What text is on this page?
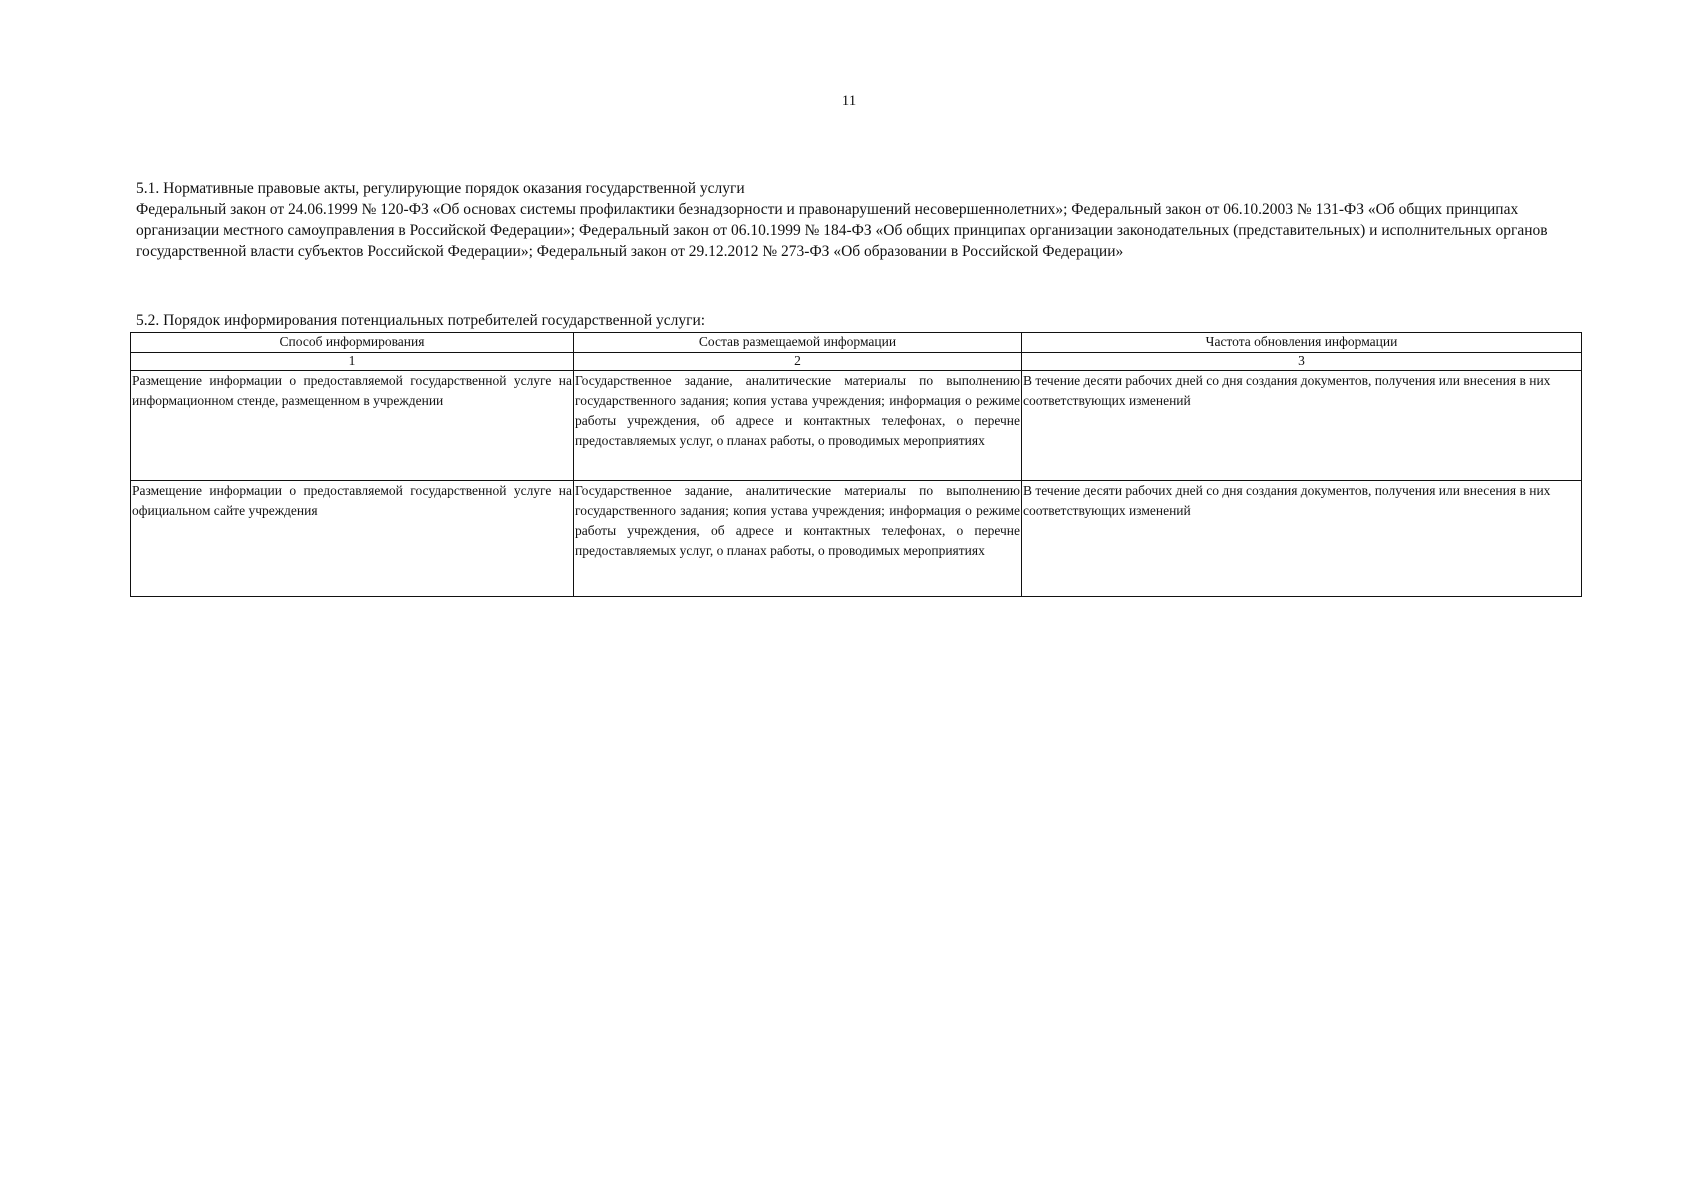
11
5.1. Нормативные правовые акты, регулирующие порядок оказания государственной услуги
Федеральный закон от 24.06.1999 № 120-ФЗ «Об основах системы профилактики безнадзорности и правонарушений несовершеннолетних»; Федеральный закон от 06.10.2003 № 131-ФЗ «Об общих принципах организации местного самоуправления в Российской Федерации»; Федеральный закон от 06.10.1999 № 184-ФЗ «Об общих принципах организации законодательных (представительных) и исполнительных органов государственной власти субъектов Российской Федерации»; Федеральный закон от 29.12.2012 № 273-ФЗ «Об образовании в Российской Федерации»
5.2. Порядок информирования потенциальных потребителей государственной услуги:
Способ информирования	Состав размещаемой информации	Частота обновления информации
1	2	3
Размещение информации о предоставляемой государственной услуге на информационном стенде, размещенном в учреждении	Государственное задание, аналитические материалы по выполнению государственного задания; копия устава учреждения; информация о режиме работы учреждения, об адресе и контактных телефонах, о перечне предоставляемых услуг, о планах работы, о проводимых мероприятиях	В течение десяти рабочих дней со дня создания документов, получения или внесения в них соответствующих изменений
Размещение информации о предоставляемой государственной услуге на официальном сайте учреждения	Государственное задание, аналитические материалы по выполнению государственного задания; копия устава учреждения; информация о режиме работы учреждения, об адресе и контактных телефонах, о перечне предоставляемых услуг, о планах работы, о проводимых мероприятиях	В течение десяти рабочих дней со дня создания документов, получения или внесения в них соответствующих изменений
